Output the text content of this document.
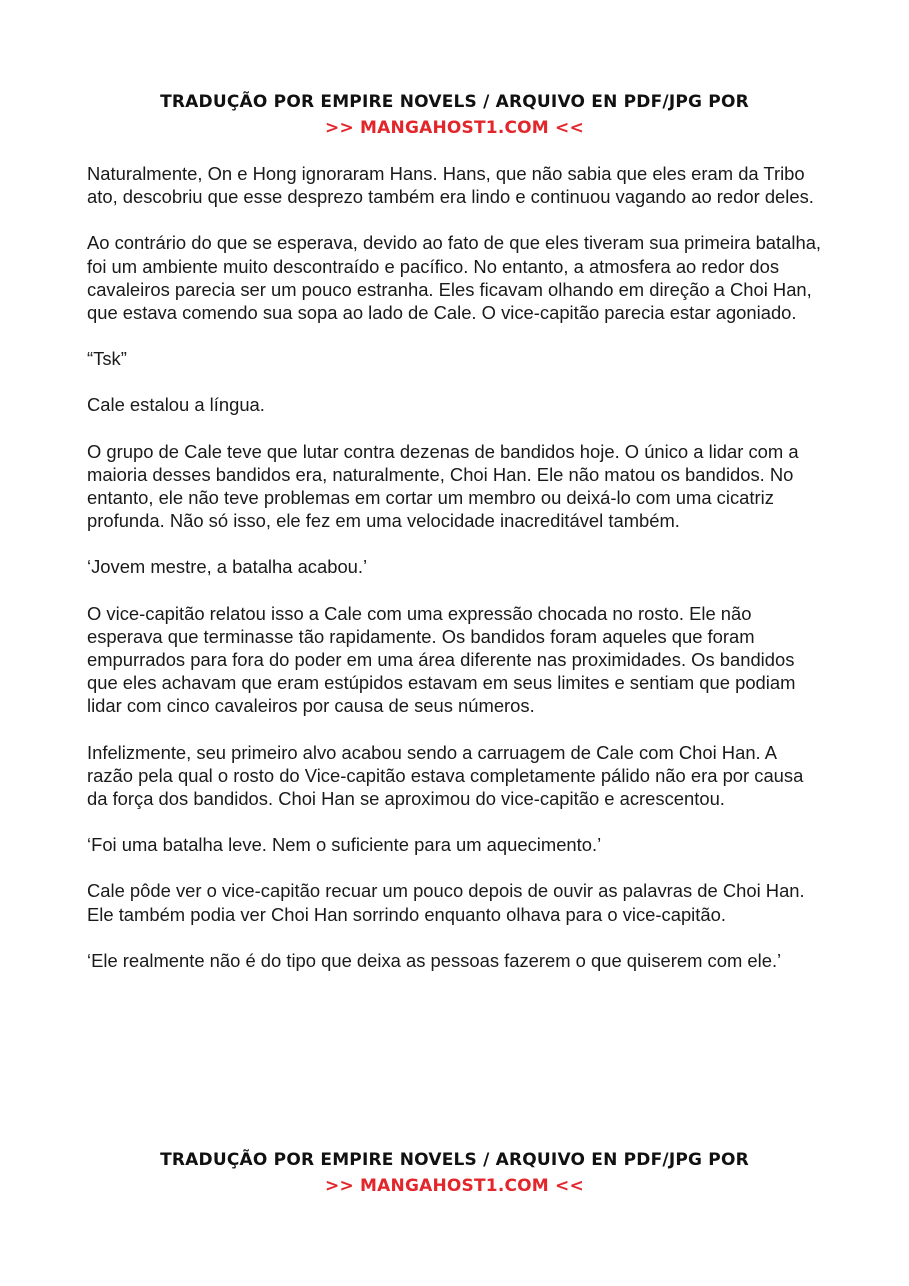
TRADUÇÃO POR EMPIRE NOVELS / ARQUIVO EN PDF/JPG POR
>> MANGAHOST1.COM <<

Naturalmente, On e Hong ignoraram Hans. Hans, que não sabia que eles eram da Tribo ato, descobriu que esse desprezo também era lindo e continuou vagando ao redor deles.

Ao contrário do que se esperava, devido ao fato de que eles tiveram sua primeira batalha, foi um ambiente muito descontraído e pacífico. No entanto, a atmosfera ao redor dos cavaleiros parecia ser um pouco estranha. Eles ficavam olhando em direção a Choi Han, que estava comendo sua sopa ao lado de Cale. O vice-capitão parecia estar agoniado.

“Tsk”

Cale estalou a língua.

O grupo de Cale teve que lutar contra dezenas de bandidos hoje. O único a lidar com a maioria desses bandidos era, naturalmente, Choi Han. Ele não matou os bandidos. No entanto, ele não teve problemas em cortar um membro ou deixá-lo com uma cicatriz profunda. Não só isso, ele fez em uma velocidade inacreditável também.

‘Jovem mestre, a batalha acabou.’

O vice-capitão relatou isso a Cale com uma expressão chocada no rosto. Ele não esperava que terminasse tão rapidamente. Os bandidos foram aqueles que foram empurrados para fora do poder em uma área diferente nas proximidades. Os bandidos que eles achavam que eram estúpidos estavam em seus limites e sentiam que podiam lidar com cinco cavaleiros por causa de seus números.

Infelizmente, seu primeiro alvo acabou sendo a carruagem de Cale com Choi Han. A razão pela qual o rosto do Vice-capitão estava completamente pálido não era por causa da força dos bandidos. Choi Han se aproximou do vice-capitão e acrescentou.

‘Foi uma batalha leve. Nem o suficiente para um aquecimento.’

Cale pôde ver o vice-capitão recuar um pouco depois de ouvir as palavras de Choi Han. Ele também podia ver Choi Han sorrindo enquanto olhava para o vice-capitão.

‘Ele realmente não é do tipo que deixa as pessoas fazerem o que quiserem com ele.’

TRADUÇÃO POR EMPIRE NOVELS / ARQUIVO EN PDF/JPG POR
>> MANGAHOST1.COM <<
